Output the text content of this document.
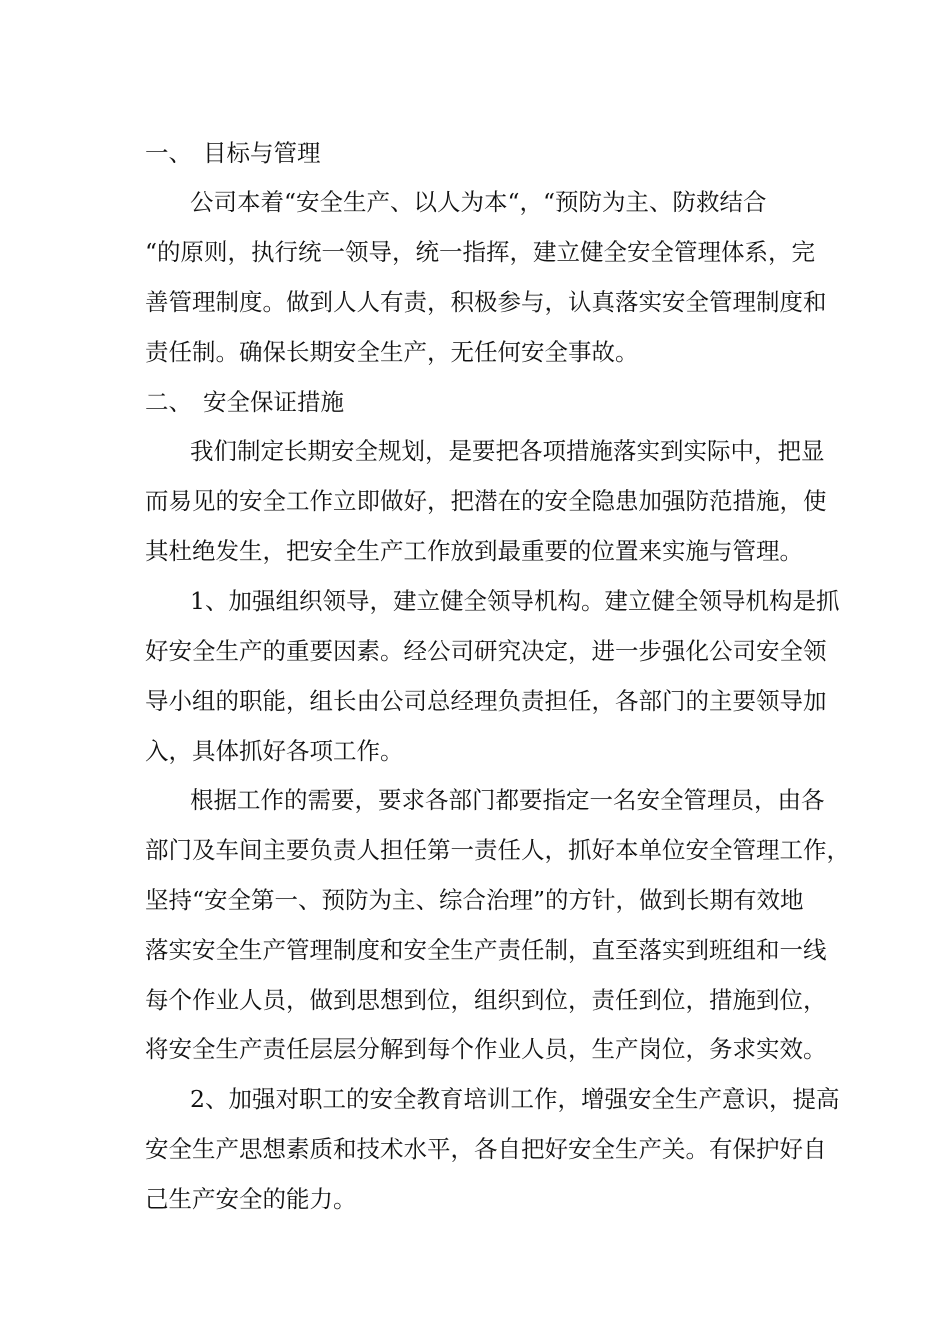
一、 目标与管理
公司本着“安全生产、以人为本“，“预防为主、防救结合
“的原则，执行统一领导，统一指挥，建立健全安全管理体系，完
善管理制度。做到人人有责，积极参与，认真落实安全管理制度和
责任制。确保长期安全生产，无任何安全事故。
二、 安全保证措施
我们制定长期安全规划，是要把各项措施落实到实际中，把显
而易见的安全工作立即做好，把潜在的安全隐患加强防范措施，使
其杜绝发生，把安全生产工作放到最重要的位置来实施与管理。
1、加强组织领导，建立健全领导机构。建立健全领导机构是抓
好安全生产的重要因素。经公司研究决定，进一步强化公司安全领
导小组的职能，组长由公司总经理负责担任，各部门的主要领导加
入，具体抓好各项工作。
根据工作的需要，要求各部门都要指定一名安全管理员，由各
部门及车间主要负责人担任第一责任人，抓好本单位安全管理工作，
坚持“安全第一、预防为主、综合治理”的方针，做到长期有效地
落实安全生产管理制度和安全生产责任制，直至落实到班组和一线
每个作业人员，做到思想到位，组织到位，责任到位，措施到位，
将安全生产责任层层分解到每个作业人员，生产岗位，务求实效。
2、加强对职工的安全教育培训工作，增强安全生产意识，提高
安全生产思想素质和技术水平，各自把好安全生产关。有保护好自
己生产安全的能力。
